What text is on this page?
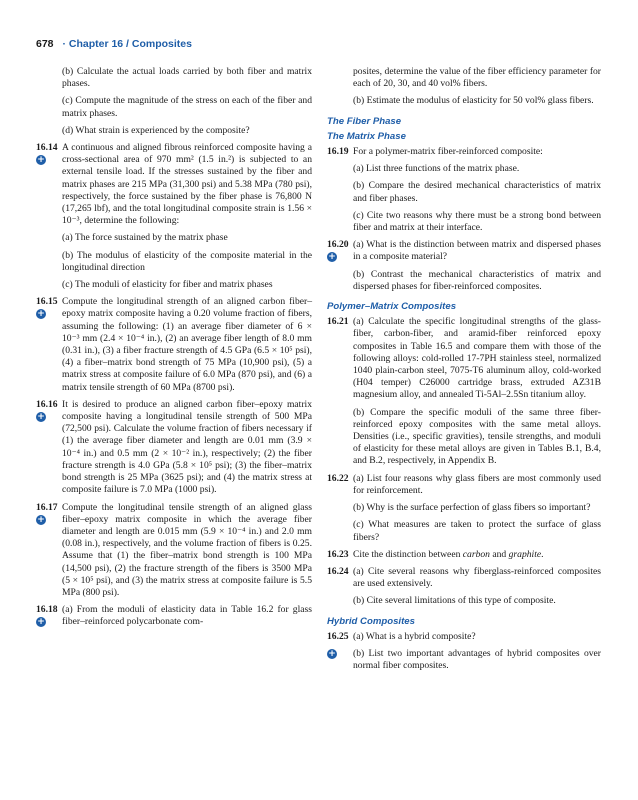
678 · Chapter 16 / Composites
(b) Calculate the actual loads carried by both fiber and matrix phases.
(c) Compute the magnitude of the stress on each of the fiber and matrix phases.
(d) What strain is experienced by the composite?
16.14
+
A continuous and aligned fibrous reinforced composite having a cross-sectional area of 970 mm² (1.5 in.²) is subjected to an external tensile load. If the stresses sustained by the fiber and matrix phases are 215 MPa (31,300 psi) and 5.38 MPa (780 psi), respectively, the force sustained by the fiber phase is 76,800 N (17,265 lbf), and the total longitudinal composite strain is 1.56 × 10⁻³, determine the following:
(a) The force sustained by the matrix phase
(b) The modulus of elasticity of the composite material in the longitudinal direction
(c) The moduli of elasticity for fiber and matrix phases
16.15
+
Compute the longitudinal strength of an aligned carbon fiber–epoxy matrix composite having a 0.20 volume fraction of fibers, assuming the following: (1) an average fiber diameter of 6 × 10⁻³ mm (2.4 × 10⁻⁴ in.), (2) an average fiber length of 8.0 mm (0.31 in.), (3) a fiber fracture strength of 4.5 GPa (6.5 × 10⁵ psi), (4) a fiber–matrix bond strength of 75 MPa (10,900 psi), (5) a matrix stress at composite failure of 6.0 MPa (870 psi), and (6) a matrix tensile strength of 60 MPa (8700 psi).
16.16
+
It is desired to produce an aligned carbon fiber–epoxy matrix composite having a longitudinal tensile strength of 500 MPa (72,500 psi). Calculate the volume fraction of fibers necessary if (1) the average fiber diameter and length are 0.01 mm (3.9 × 10⁻⁴ in.) and 0.5 mm (2 × 10⁻² in.), respectively; (2) the fiber fracture strength is 4.0 GPa (5.8 × 10⁵ psi); (3) the fiber–matrix bond strength is 25 MPa (3625 psi); and (4) the matrix stress at composite failure is 7.0 MPa (1000 psi).
16.17
+
Compute the longitudinal tensile strength of an aligned glass fiber–epoxy matrix composite in which the average fiber diameter and length are 0.015 mm (5.9 × 10⁻⁴ in.) and 2.0 mm (0.08 in.), respectively, and the volume fraction of fibers is 0.25. Assume that (1) the fiber–matrix bond strength is 100 MPa (14,500 psi), (2) the fracture strength of the fibers is 3500 MPa (5 × 10⁵ psi), and (3) the matrix stress at composite failure is 5.5 MPa (800 psi).
16.18
+
(a) From the moduli of elasticity data in Table 16.2 for glass fiber–reinforced polycarbonate com-
posites, determine the value of the fiber efficiency parameter for each of 20, 30, and 40 vol% fibers.
(b) Estimate the modulus of elasticity for 50 vol% glass fibers.
The Fiber Phase
The Matrix Phase
16.19 For a polymer-matrix fiber-reinforced composite:
(a) List three functions of the matrix phase.
(b) Compare the desired mechanical characteristics of matrix and fiber phases.
(c) Cite two reasons why there must be a strong bond between fiber and matrix at their interface.
16.20
+
(a) What is the distinction between matrix and dispersed phases in a composite material?
(b) Contrast the mechanical characteristics of matrix and dispersed phases for fiber-reinforced composites.
Polymer–Matrix Composites
16.21 (a) Calculate the specific longitudinal strengths of the glass-fiber, carbon-fiber, and aramid-fiber reinforced epoxy composites in Table 16.5 and compare them with those of the following alloys: cold-rolled 17-7PH stainless steel, normalized 1040 plain-carbon steel, 7075-T6 aluminum alloy, cold-worked (H04 temper) C26000 cartridge brass, extruded AZ31B magnesium alloy, and annealed Ti-5Al–2.5Sn titanium alloy.
(b) Compare the specific moduli of the same three fiber-reinforced epoxy composites with the same metal alloys. Densities (i.e., specific gravities), tensile strengths, and moduli of elasticity for these metal alloys are given in Tables B.1, B.4, and B.2, respectively, in Appendix B.
16.22 (a) List four reasons why glass fibers are most commonly used for reinforcement.
(b) Why is the surface perfection of glass fibers so important?
(c) What measures are taken to protect the surface of glass fibers?
16.23 Cite the distinction between carbon and graphite.
16.24 (a) Cite several reasons why fiberglass-reinforced composites are used extensively.
(b) Cite several limitations of this type of composite.
Hybrid Composites
16.25 (a) What is a hybrid composite?
+ (b) List two important advantages of hybrid composites over normal fiber composites.
